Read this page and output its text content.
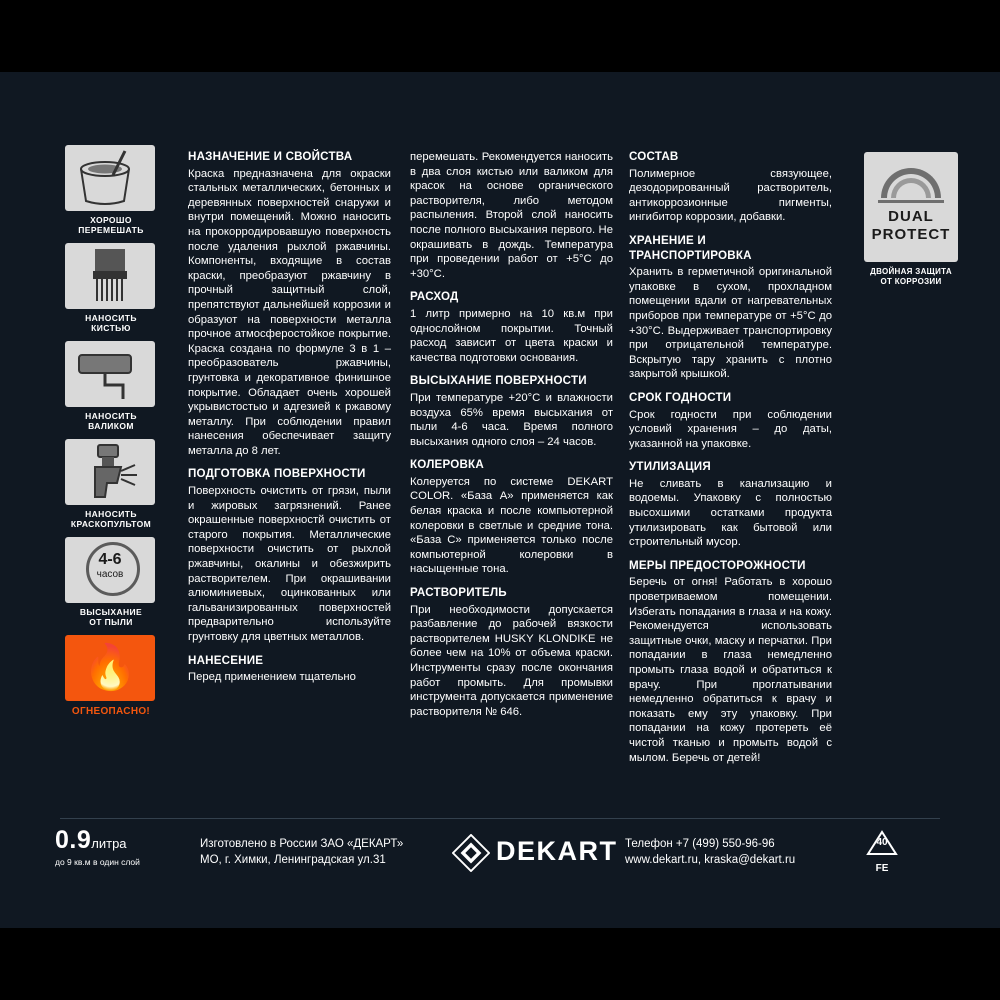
ХОРОШО
ПЕРЕМЕШАТЬ
НАНОСИТЬ
КИСТЬЮ
НАНОСИТЬ
ВАЛИКОМ
НАНОСИТЬ
КРАСКОПУЛЬТОМ
4-6
часов
ВЫСЫХАНИЕ
ОТ ПЫЛИ
🔥
ОГНЕОПАСНО!
НАЗНАЧЕНИЕ И СВОЙСТВА

Краска предназначена для окраски стальных металлических, бетонных и деревянных поверхностей снаружи и внутри помещений. Можно наносить на прокорродировавшую поверхность после удаления рыхлой ржавчины. Компоненты, входящие в состав краски, преобразуют ржавчину в прочный защитный слой, препятствуют дальнейшей коррозии и образуют на поверхности металла прочное атмосферостойкое покрытие. Краска создана по формуле 3 в 1 – преобразователь ржавчины, грунтовка и декоративное финишное покрытие. Обладает очень хорошей укрывистостью и адгезией к ржавому металлу. При соблюдении правил нанесения обеспечивает защиту металла до 8 лет.

ПОДГОТОВКА ПОВЕРХНОСТИ

Поверхность очистить от грязи, пыли и жировых загрязнений. Ранее окрашенные поверхностй очистить от старого покрытия. Металлические поверхности очистить от рыхлой ржавчины, окалины и обезжирить растворителем. При окрашивании алюминиевых, оцинкованных или гальванизированных поверхностей предварительно использyйте грунтовку для цветных металлов.

НАНЕСЕНИЕ

Перед применением тщательно

перемешать. Рекомендуется наносить в два слоя кистью или валиком для красок на основе органического растворителя, либо методом распыления. Второй слой наносить после полного высыхания первого. Не окрашивать в дождь. Температура при проведении работ от +5°С до +30°С.

РАСХОД

1 литр примерно на 10 кв.м при однослойном покрытии. Точный расход зависит от цвета краски и качества подготовки основания.

ВЫСЫХАНИЕ ПОВЕРХНОСТИ

При температуре +20°С и влажности воздуха 65% время высыхания от пыли 4-6 часа. Время полного высыхания одного слоя – 24 часов.

КОЛЕРОВКА

Колеруется по системе DEKART COLOR. «База А» применяется как белая краска и после компьютерной колеровки в светлые и средние тона. «База С» применяется только после компьютерной колеровки в насыщенные тона.

РАСТВОРИТЕЛЬ

При необходимости допускается разбавление до рабочей вязкости растворителем HUSKY KLONDIKE не более чем на 10% от объема краски. Инструменты сразу после окончания работ промыть. Для промывки инструмента допускается применение растворителя № 646.

СОСТАВ

Полимерное связующее, дезодорированный растворитель, антикоррозионные пигменты, ингибитор коррозии, добавки.

ХРАНЕНИЕ И ТРАНСПОРТИРОВКА

Хранить в герметичной оригинальной упаковке в сухом, прохладном помещении вдали от нагревательных приборов при температуре от +5°С до +30°С. Выдерживает транспортировку при отрицательной температуре. Вскрытую тару хранить с плотно закрытой крышкой.

СРОК ГОДНОСТИ

Срок годности при соблюдении условий хранения – до даты, указанной на упаковке.

УТИЛИЗАЦИЯ

Не сливать в канализацию и водоемы. Упаковку с полностью высохшими остатками продукта утилизировать как бытовой или строительный мусор.

МЕРЫ ПРЕДОСТОРОЖНОСТИ

Беречь от огня! Работать в хорошо проветриваемом помещении. Избегать попадания в глаза и на кожу. Рекомендуется использовать защитные очки, маску и перчатки. При попадании в глаза немедленно промыть глаза водой и обратиться к врачу. При проглатывании немедленно обратиться к врачу и показать ему эту упаковку. При попадании на кожу протереть её чистой тканью и промыть водой с мылом. Беречь от детей!

DUAL
PROTECT
ДВОЙНАЯ ЗАЩИТА
ОТ КОРРОЗИИ
0.9литра
до 9 кв.м в один слой
Изготовлено в России ЗАО «ДЕКАРТ»
МО, г. Химки, Ленинградская ул.31	DEKART Телефон +7 (499) 550-96-96
www.dekart.ru, kraska@dekart.ru
40
FE
